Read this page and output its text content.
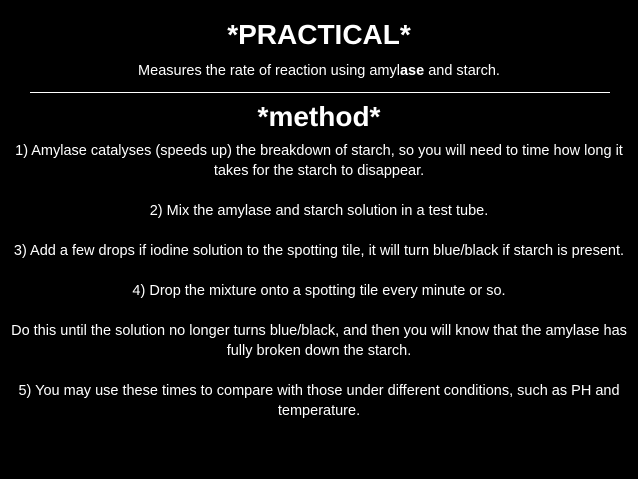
*PRACTICAL*
Measures the rate of reaction using amylase and starch.
*method*

1) Amylase catalyses (speeds up) the breakdown of starch, so you will need to time how long it takes for the starch to disappear.

2) Mix the amylase and starch solution in a test tube.

3) Add a few drops if iodine solution to the spotting tile, it will turn blue/black if starch is present.

4) Drop the mixture onto a spotting tile every minute or so.

Do this until the solution no longer turns blue/black, and then you will know that the amylase has fully broken down the starch.

5) You may use these times to compare with those under different conditions, such as PH and temperature.
